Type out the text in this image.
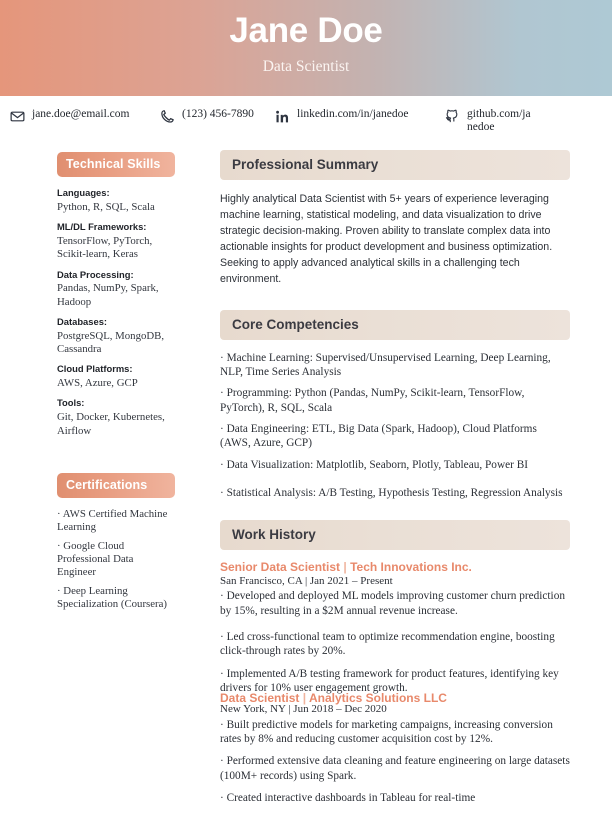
Jane Doe
Data Scientist
jane.doe@email.com	(123) 456-7890	linkedin.com/in/janedoe	github.com/janedoe
Technical Skills
Languages:
Python, R, SQL, Scala
ML/DL Frameworks:
TensorFlow, PyTorch, Scikit-learn, Keras
Data Processing:
Pandas, NumPy, Spark, Hadoop
Databases:
PostgreSQL, MongoDB, Cassandra
Cloud Platforms:
AWS, Azure, GCP
Tools:
Git, Docker, Kubernetes, Airflow
Certifications
· AWS Certified Machine Learning
· Google Cloud Professional Data Engineer
· Deep Learning Specialization (Coursera)
Professional Summary
Highly analytical Data Scientist with 5+ years of experience leveraging machine learning, statistical modeling, and data visualization to drive strategic decision-making. Proven ability to translate complex data into actionable insights for product development and business optimization. Seeking to apply advanced analytical skills in a challenging tech environment.
Core Competencies
· Machine Learning: Supervised/Unsupervised Learning, Deep Learning, NLP, Time Series Analysis
· Programming: Python (Pandas, NumPy, Scikit-learn, TensorFlow, PyTorch), R, SQL, Scala
· Data Engineering: ETL, Big Data (Spark, Hadoop), Cloud Platforms (AWS, Azure, GCP)
· Data Visualization: Matplotlib, Seaborn, Plotly, Tableau, Power BI
· Statistical Analysis: A/B Testing, Hypothesis Testing, Regression Analysis
Work History
Senior Data Scientist | Tech Innovations Inc.
San Francisco, CA | Jan 2021 – Present
· Developed and deployed ML models improving customer churn prediction by 15%, resulting in a $2M annual revenue increase.
· Led cross-functional team to optimize recommendation engine, boosting click-through rates by 20%.
· Implemented A/B testing framework for product features, identifying key drivers for 10% user engagement growth.
Data Scientist | Analytics Solutions LLC
New York, NY | Jun 2018 – Dec 2020
· Built predictive models for marketing campaigns, increasing conversion rates by 8% and reducing customer acquisition cost by 12%.
· Performed extensive data cleaning and feature engineering on large datasets (100M+ records) using Spark.
· Created interactive dashboards in Tableau for real-time
